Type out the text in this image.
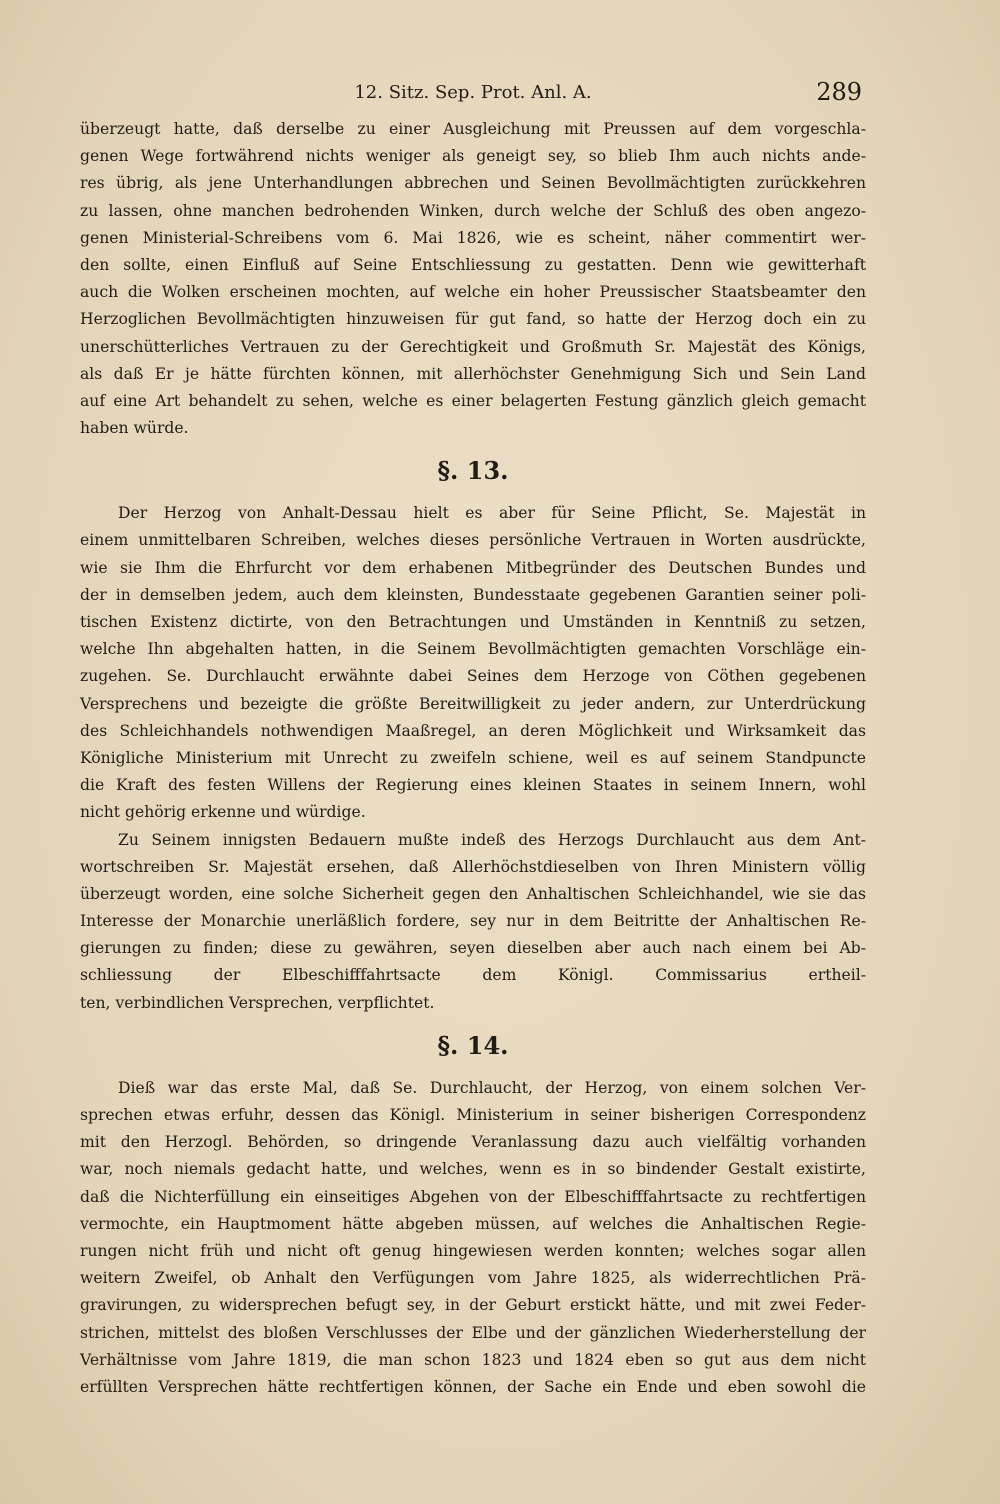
12. Sitz. Sep. Prot. Anl. A.	289
überzeugt hatte, daß derselbe zu einer Ausgleichung mit Preussen auf dem vorgeschla-
genen Wege fortwährend nichts weniger als geneigt sey, so blieb Ihm auch nichts ande-
res übrig, als jene Unterhandlungen abbrechen und Seinen Bevollmächtigten zurückkehren
zu lassen, ohne manchen bedrohenden Winken, durch welche der Schluß des oben angezo-
genen Ministerial-Schreibens vom 6. Mai 1826, wie es scheint, näher commentirt wer-
den sollte, einen Einfluß auf Seine Entschliessung zu gestatten. Denn wie gewitterhaft
auch die Wolken erscheinen mochten, auf welche ein hoher Preussischer Staatsbeamter den
Herzoglichen Bevollmächtigten hinzuweisen für gut fand, so hatte der Herzog doch ein zu
unerschütterliches Vertrauen zu der Gerechtigkeit und Großmuth Sr. Majestät des Königs,
als daß Er je hätte fürchten können, mit allerhöchster Genehmigung Sich und Sein Land
auf eine Art behandelt zu sehen, welche es einer belagerten Festung gänzlich gleich gemacht
haben würde.
§. 13.
Der Herzog von Anhalt-Dessau hielt es aber für Seine Pflicht, Se. Majestät in
einem unmittelbaren Schreiben, welches dieses persönliche Vertrauen in Worten ausdrückte,
wie sie Ihm die Ehrfurcht vor dem erhabenen Mitbegründer des Deutschen Bundes und
der in demselben jedem, auch dem kleinsten, Bundesstaate gegebenen Garantien seiner poli-
tischen Existenz dictirte, von den Betrachtungen und Umständen in Kenntniß zu setzen,
welche Ihn abgehalten hatten, in die Seinem Bevollmächtigten gemachten Vorschläge ein-
zugehen. Se. Durchlaucht erwähnte dabei Seines dem Herzoge von Cöthen gegebenen
Versprechens und bezeigte die größte Bereitwilligkeit zu jeder andern, zur Unterdrückung
des Schleichhandels nothwendigen Maaßregel, an deren Möglichkeit und Wirksamkeit das
Königliche Ministerium mit Unrecht zu zweifeln schiene, weil es auf seinem Standpuncte
die Kraft des festen Willens der Regierung eines kleinen Staates in seinem Innern, wohl
nicht gehörig erkenne und würdige.
Zu Seinem innigsten Bedauern mußte indeß des Herzogs Durchlaucht aus dem Ant-
wortschreiben Sr. Majestät ersehen, daß Allerhöchstdieselben von Ihren Ministern völlig
überzeugt worden, eine solche Sicherheit gegen den Anhaltischen Schleichhandel, wie sie das
Interesse der Monarchie unerläßlich fordere, sey nur in dem Beitritte der Anhaltischen Re-
gierungen zu finden; diese zu gewähren, seyen dieselben aber auch nach einem bei Ab-
schliessung der Elbeschifffahrtsacte dem Königl. Commissarius ertheil-
ten, verbindlichen Versprechen, verpflichtet.
§. 14.
Dieß war das erste Mal, daß Se. Durchlaucht, der Herzog, von einem solchen Ver-
sprechen etwas erfuhr, dessen das Königl. Ministerium in seiner bisherigen Correspondenz
mit den Herzogl. Behörden, so dringende Veranlassung dazu auch vielfältig vorhanden
war, noch niemals gedacht hatte, und welches, wenn es in so bindender Gestalt existirte,
daß die Nichterfüllung ein einseitiges Abgehen von der Elbeschifffahrtsacte zu rechtfertigen
vermochte, ein Hauptmoment hätte abgeben müssen, auf welches die Anhaltischen Regie-
rungen nicht früh und nicht oft genug hingewiesen werden konnten; welches sogar allen
weitern Zweifel, ob Anhalt den Verfügungen vom Jahre 1825, als widerrechtlichen Prä-
gravirungen, zu widersprechen befugt sey, in der Geburt erstickt hätte, und mit zwei Feder-
strichen, mittelst des bloßen Verschlusses der Elbe und der gänzlichen Wiederherstellung der
Verhältnisse vom Jahre 1819, die man schon 1823 und 1824 eben so gut aus dem nicht
erfüllten Versprechen hätte rechtfertigen können, der Sache ein Ende und eben sowohl die
